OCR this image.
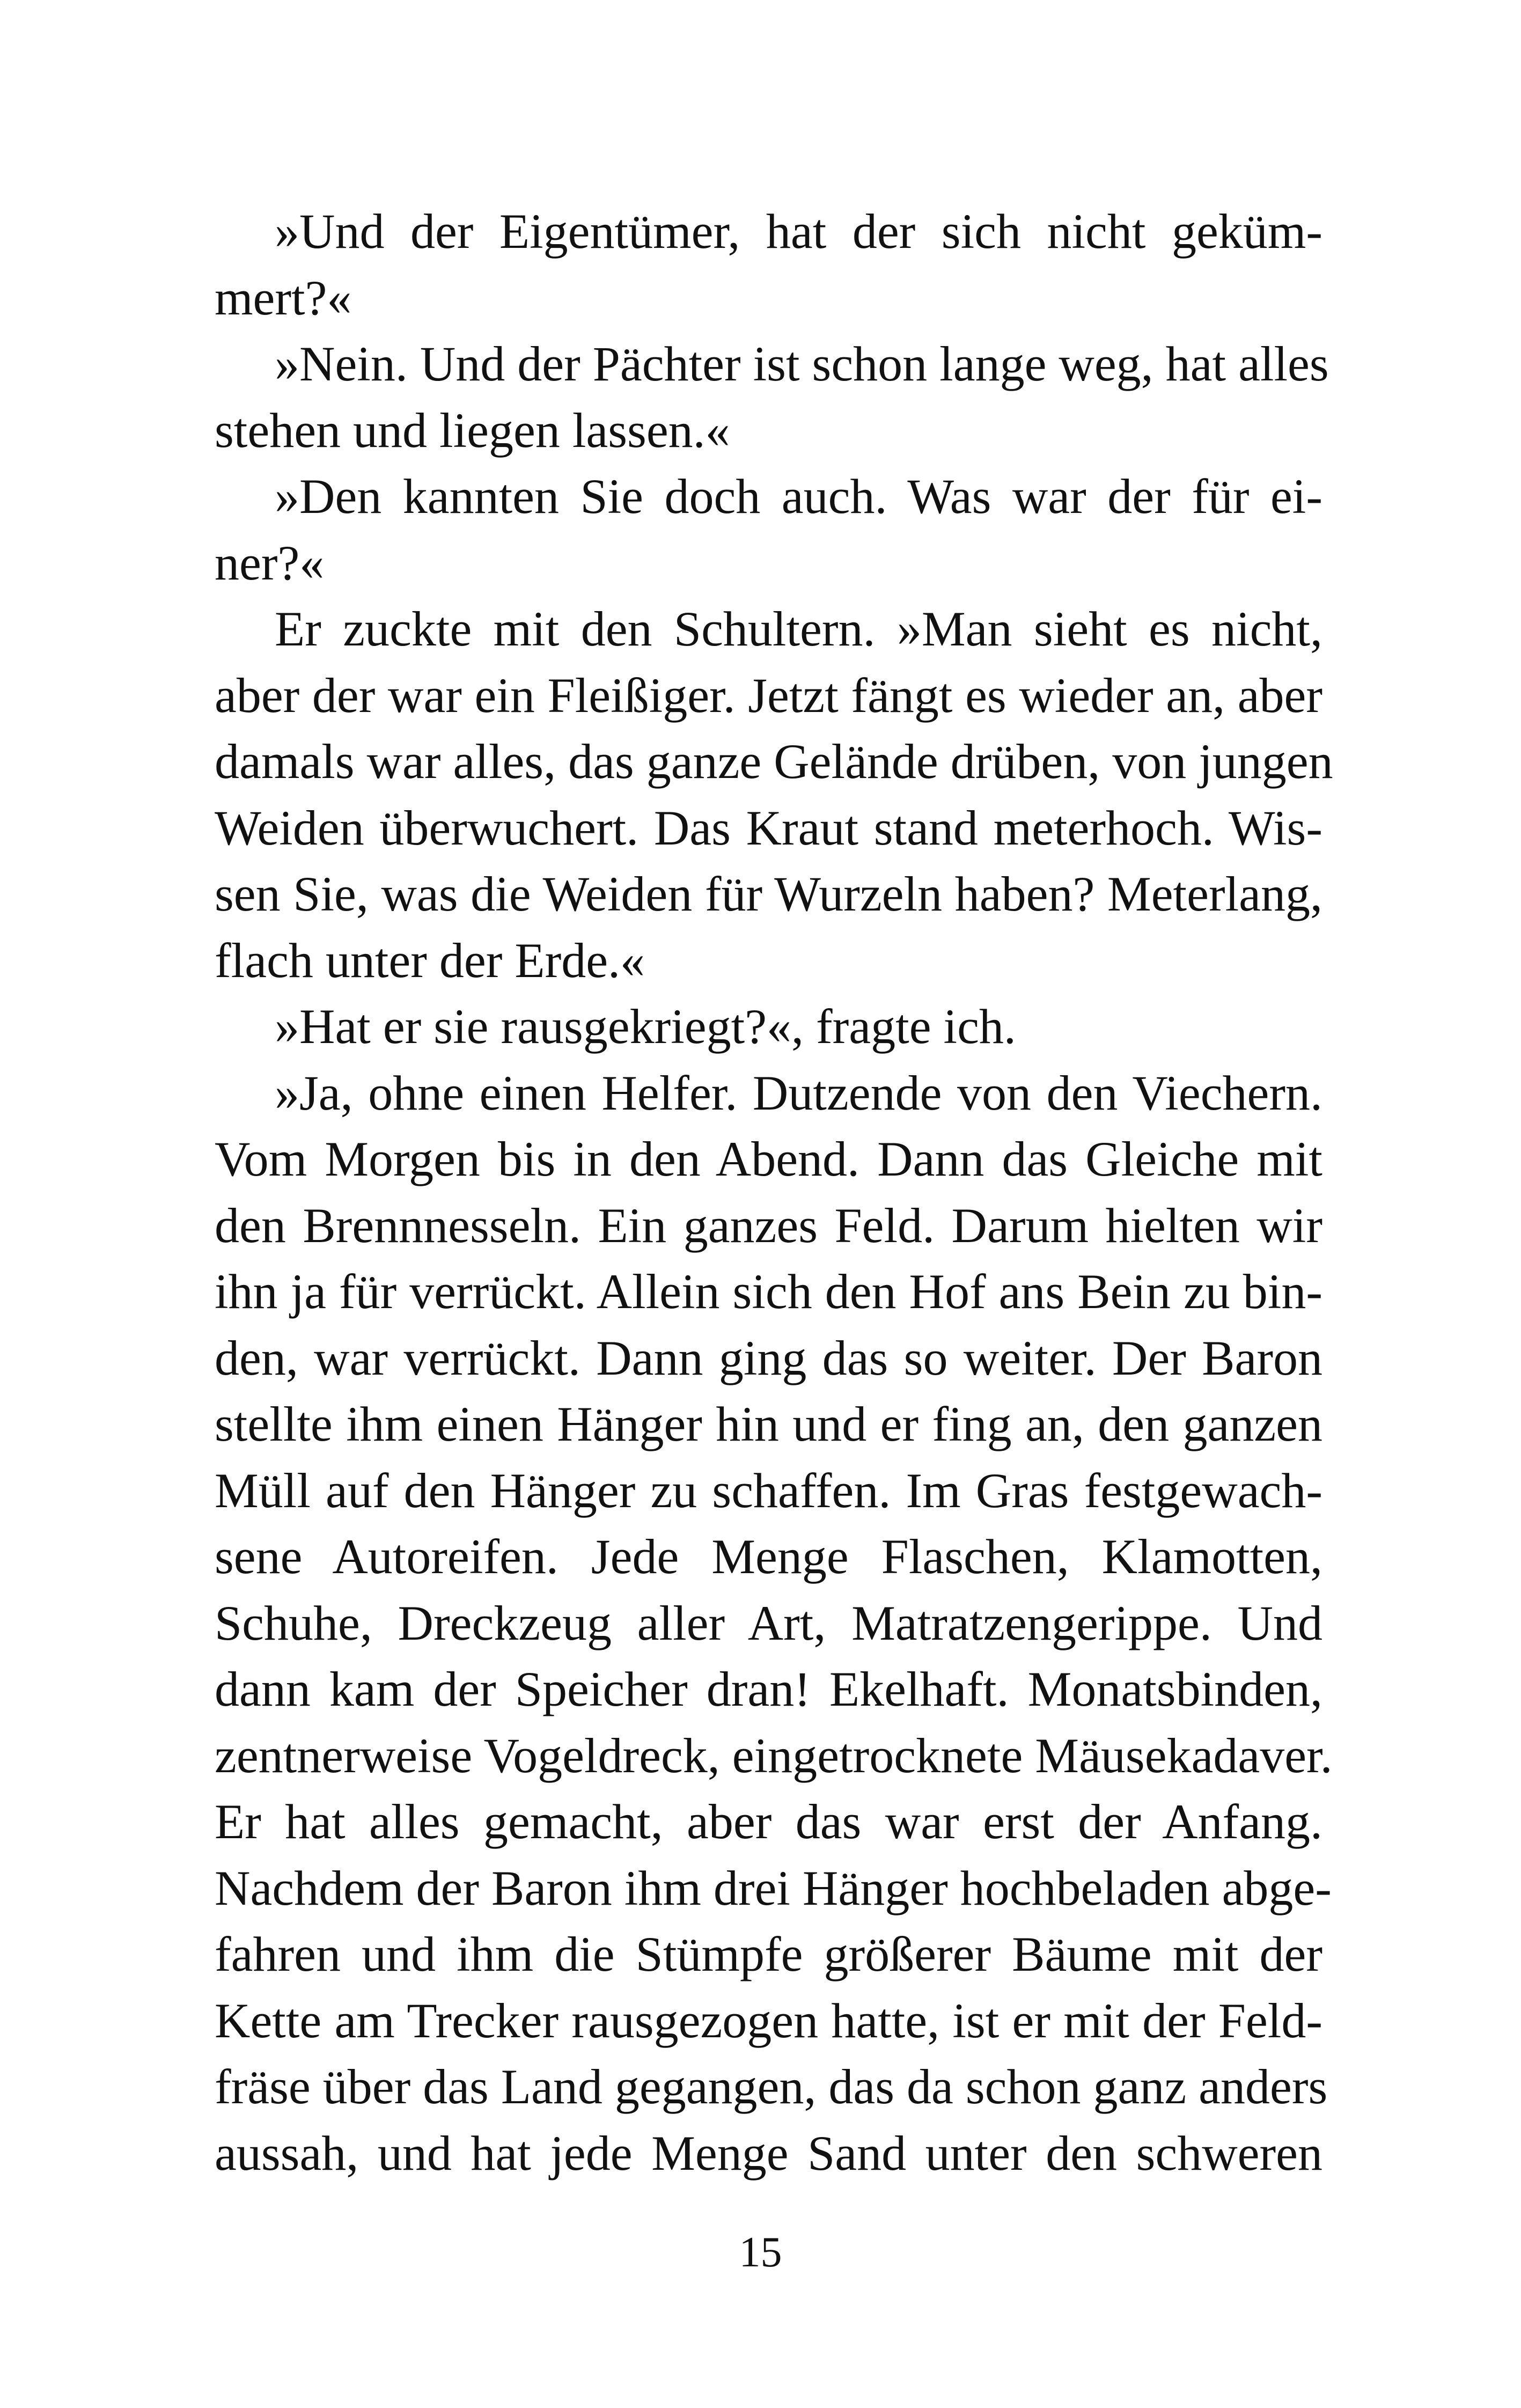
»Und der Eigentümer, hat der sich nicht geküm-
mert?«
»Nein. Und der Pächter ist schon lange weg, hat alles
stehen und liegen lassen.«
»Den kannten Sie doch auch. Was war der für ei-
ner?«
Er zuckte mit den Schultern. »Man sieht es nicht,
aber der war ein Fleißiger. Jetzt fängt es wieder an, aber
damals war alles, das ganze Gelände drüben, von jungen
Weiden überwuchert. Das Kraut stand meterhoch. Wis-
sen Sie, was die Weiden für Wurzeln haben? Meterlang,
flach unter der Erde.«
»Hat er sie rausgekriegt?«, fragte ich.
»Ja, ohne einen Helfer. Dutzende von den Viechern.
Vom Morgen bis in den Abend. Dann das Gleiche mit
den Brennnesseln. Ein ganzes Feld. Darum hielten wir
ihn ja für verrückt. Allein sich den Hof ans Bein zu bin-
den, war verrückt. Dann ging das so weiter. Der Baron
stellte ihm einen Hänger hin und er fing an, den ganzen
Müll auf den Hänger zu schaffen. Im Gras festgewach-
sene Autoreifen. Jede Menge Flaschen, Klamotten,
Schuhe, Dreckzeug aller Art, Matratzengerippe. Und
dann kam der Speicher dran! Ekelhaft. Monatsbinden,
zentnerweise Vogeldreck, eingetrocknete Mäusekadaver.
Er hat alles gemacht, aber das war erst der Anfang.
Nachdem der Baron ihm drei Hänger hochbeladen abge-
fahren und ihm die Stümpfe größerer Bäume mit der
Kette am Trecker rausgezogen hatte, ist er mit der Feld-
fräse über das Land gegangen, das da schon ganz anders
aussah, und hat jede Menge Sand unter den schweren
15
